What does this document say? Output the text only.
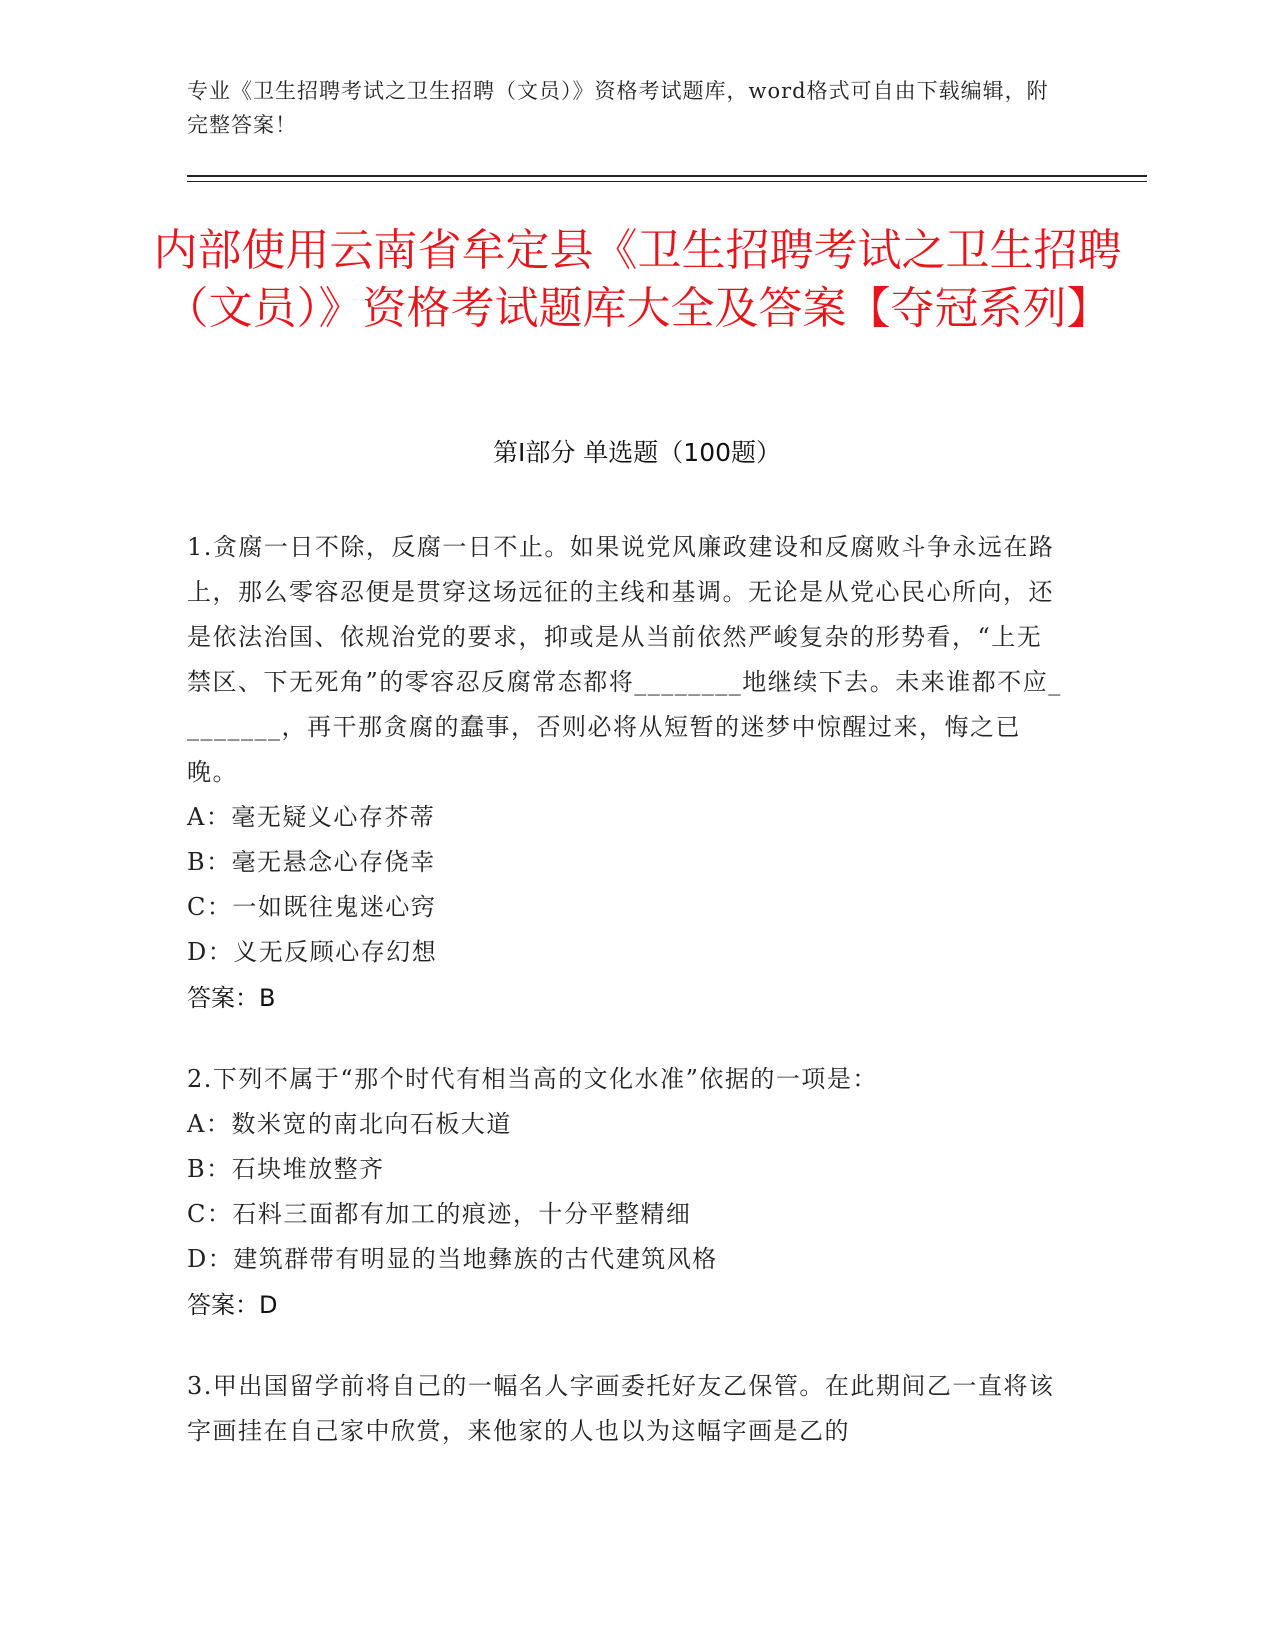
专业《卫生招聘考试之卫生招聘（文员）》资格考试题库，word格式可自由下载编辑，附完整答案！
内部使用云南省牟定县《卫生招聘考试之卫生招聘（文员）》资格考试题库大全及答案【夺冠系列】
第Ⅰ部分 单选题（100题）

1.贪腐一日不除，反腐一日不止。如果说党风廉政建设和反腐败斗争永远在路上，那么零容忍便是贯穿这场远征的主线和基调。无论是从党心民心所向，还是依法治国、依规治党的要求，抑或是从当前依然严峻复杂的形势看，“上无禁区、下无死角”的零容忍反腐常态都将________地继续下去。未来谁都不应________，再干那贪腐的蠢事，否则必将从短暂的迷梦中惊醒过来，悔之已晚。

A：毫无疑义心存芥蒂

B：毫无悬念心存侥幸

C：一如既往鬼迷心窍

D：义无反顾心存幻想

答案：B

2.下列不属于“那个时代有相当高的文化水准”依据的一项是：

A：数米宽的南北向石板大道

B：石块堆放整齐

C：石料三面都有加工的痕迹，十分平整精细

D：建筑群带有明显的当地彝族的古代建筑风格

答案：D

3.甲出国留学前将自己的一幅名人字画委托好友乙保管。在此期间乙一直将该字画挂在自己家中欣赏，来他家的人也以为这幅字画是乙的
